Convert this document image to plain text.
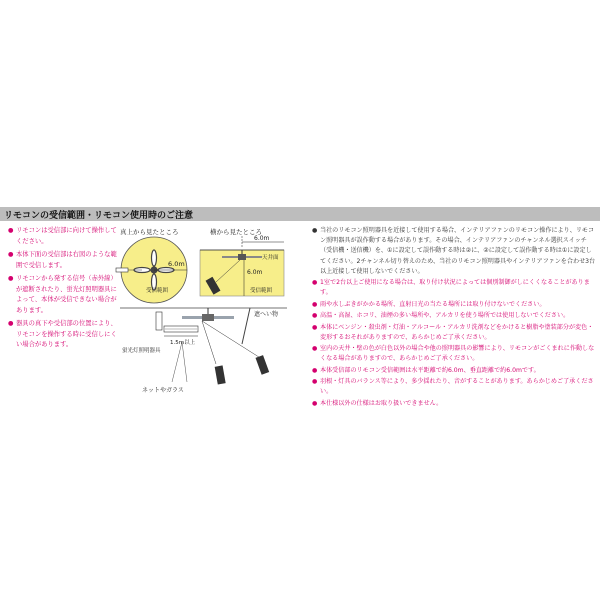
リモコンの受信範囲・リモコン使用時のご注意
● リモコンは受信部に向けて操作してください。
● 本体下面の受信部は右図のような範囲で受信します。
● リモコンから発する信号（赤外線）が遮断されたり、蛍光灯照明器具によって、本体が受信できない場合があります。
● 器具の真下や受信部の位置により、リモコンを操作する時に受信しにくい場合があります。
真上から見たところ
6.0m
受信範囲
横から見たところ
6.0m
天井面
6.0m
受信範囲
1.5m以上
蛍光灯照明器具
遮へい物
ネットやガラス
● 当社のリモコン照明器具を近接して使用する場合、インテリアファンのリモコン操作により、リモコン照明器具が誤作動する場合があります。その場合、インテリアファンのチャンネル選択スイッチ（受信機・送信機）を、①に設定して誤作動する時は②に、②に設定して誤作動する時は①に設定してください。2チャンネル切り替えのため、当社のリモコン照明器具やインテリアファンを合わせ3台以上近接して使用しないでください。
● 1室で2台以上ご使用になる場合は、取り付け状況によっては個別制御がしにくくなることがあります。
● 雨や水しぶきがかかる場所、直射日光の当たる場所には取り付けないでください。
● 高温・高湿、ホコリ、油煙の多い場所や、アルカリを使う場所では使用しないでください。
● 本体にベンジン・殺虫剤・灯油・アルコール・アルカリ洗剤などをかけると樹脂や塗装部分が変色・変形するおそれがありますので、あらかじめご了承ください。
● 室内の天井・壁の色が白色以外の場合や他の照明器具の影響により、リモコンがごくまれに作動しなくなる場合がありますので、あらかじめご了承ください。
● 本体受信部のリモコン受信範囲は水平距離で約6.0m、垂直距離で約6.0mです。
● 羽根・灯具のバランス等により、多少揺れたり、音がすることがあります。あらかじめご了承ください。
● 本仕様以外の仕様はお取り扱いできません。
